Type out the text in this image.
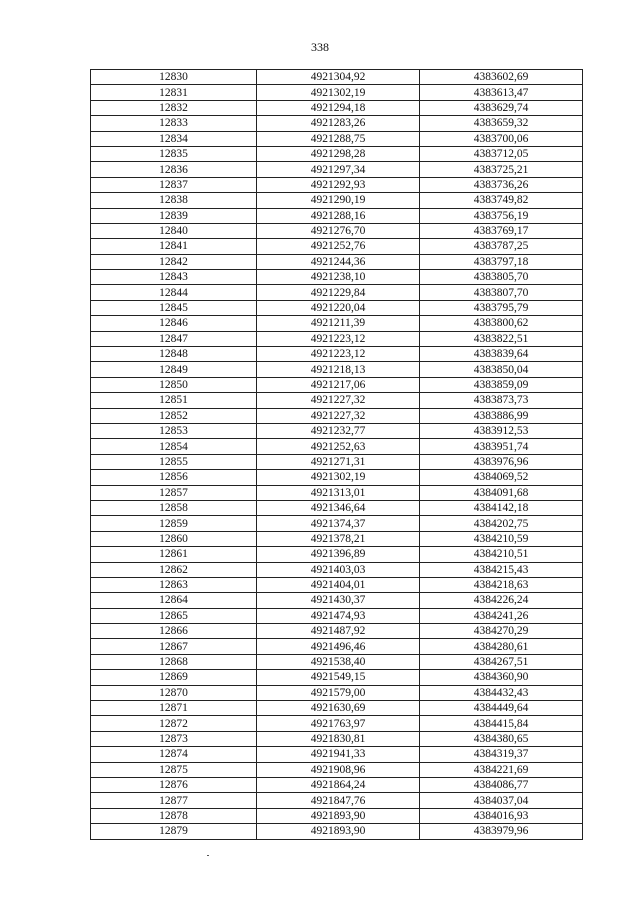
338
12830	4921304,92	4383602,69
12831	4921302,19	4383613,47
12832	4921294,18	4383629,74
12833	4921283,26	4383659,32
12834	4921288,75	4383700,06
12835	4921298,28	4383712,05
12836	4921297,34	4383725,21
12837	4921292,93	4383736,26
12838	4921290,19	4383749,82
12839	4921288,16	4383756,19
12840	4921276,70	4383769,17
12841	4921252,76	4383787,25
12842	4921244,36	4383797,18
12843	4921238,10	4383805,70
12844	4921229,84	4383807,70
12845	4921220,04	4383795,79
12846	4921211,39	4383800,62
12847	4921223,12	4383822,51
12848	4921223,12	4383839,64
12849	4921218,13	4383850,04
12850	4921217,06	4383859,09
12851	4921227,32	4383873,73
12852	4921227,32	4383886,99
12853	4921232,77	4383912,53
12854	4921252,63	4383951,74
12855	4921271,31	4383976,96
12856	4921302,19	4384069,52
12857	4921313,01	4384091,68
12858	4921346,64	4384142,18
12859	4921374,37	4384202,75
12860	4921378,21	4384210,59
12861	4921396,89	4384210,51
12862	4921403,03	4384215,43
12863	4921404,01	4384218,63
12864	4921430,37	4384226,24
12865	4921474,93	4384241,26
12866	4921487,92	4384270,29
12867	4921496,46	4384280,61
12868	4921538,40	4384267,51
12869	4921549,15	4384360,90
12870	4921579,00	4384432,43
12871	4921630,69	4384449,64
12872	4921763,97	4384415,84
12873	4921830,81	4384380,65
12874	4921941,33	4384319,37
12875	4921908,96	4384221,69
12876	4921864,24	4384086,77
12877	4921847,76	4384037,04
12878	4921893,90	4384016,93
12879	4921893,90	4383979,96
